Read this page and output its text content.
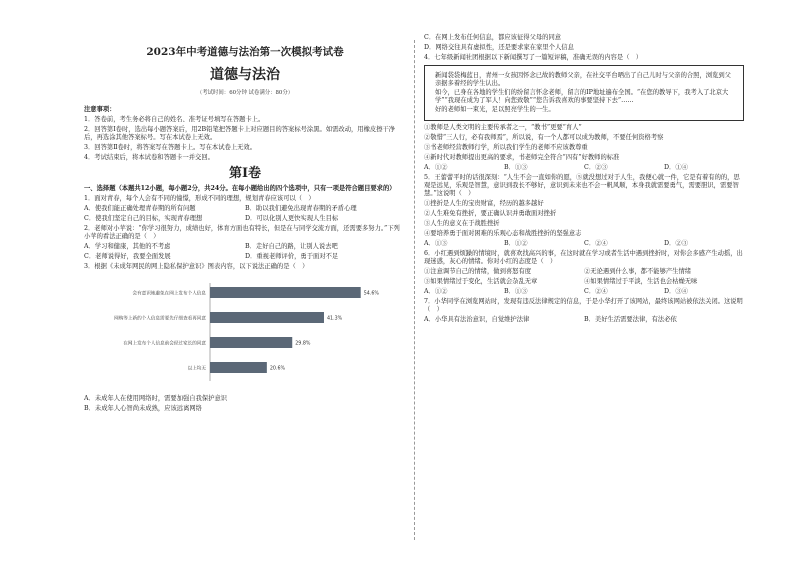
2023年中考道德与法治第一次模拟考试卷
道德与法治
（考试时间：60分钟 试卷满分：80分）
注意事项：
1．答卷前，考生务必将自己的姓名、准考证号填写在答题卡上。
2．回答第Ⅰ卷时，选出每小题答案后，用2B铅笔把答题卡上对应题目的答案标号涂黑。如需改动，用橡皮擦干净后，再选涂其他答案标号。写在本试卷上无效。
3．回答第Ⅱ卷时，将答案写在答题卡上。写在本试卷上无效。
4．考试结束后，将本试卷和答题卡一并交回。
第Ⅰ卷
一、选择题（本题共12小题，每小题2分，共24分。在每小题给出的四个选项中，只有一项是符合题目要求的）
1．面对青春，每个人会有不同的憧憬，形成不同的理想，规划青春应该可以（　）
A．使我们能正确处理青春期的所有问题	B．助以我们避免出现青春期的矛盾心理
C．使我们坚定自己的目标，实现青春理想	D．可以化别人更快实现人生目标
2．老师对小苹说：“你学习很努力，成绩也好，体育方面也有特长，但是在与同学交流方面，还需要多努力。”下列小苹的看法正确的是（　）
A．学习和健康，其他的不考虑	B．走好自己的路，让别人说去吧
C．老师说得好，我要全面发展	D．重视老师评价，勇于面对不足
3．根据《未成年网民的网上隐私保护意识》图表内容，以下说法正确的是（　）
会有意识地避免在网上发布个人信息	54.6%
网购等上新的个人信息需要先仔细查看再同意	41.3%
在网上发布个人信息前会经过家长的同意	29.8%
以上均无	20.6%
A．未成年人在使用网络时，需要加强自我保护意识
B．未成年人心智尚未成熟，应该远离网络
C．在网上发布任何信息，都应该征得父母的同意
D．网络交往具有虚拟性，还是要求家在家里个人信息
4．七年级新闻社团根据以下新闻撰写了一篇短评稿，准确无误的内容是（　）
新闻袋袋梅蓝日，青州一女孩因怀念已故的教师父亲，在社交平台晒出了自己儿时与父亲的合照，浏览到父亲据多着经的学生认出。
如今，已身在各地的学生们的纷留言怀念老师，留言的IP地址遍布全国。“在您的教导下，我考入了北京大学”“我现在成为了军人！向您致敬”“您告诉我喜欢的事要坚持下去”……
好的老师如一束光，足以照亮学生的一生。
①教师是人类文明的主要传承者之一，“教书”更要“育人”
②敬惜“三人行，必有我师焉”，所以说，有一个人都可以成为教师，不要任何资格考察
③书老师经营教师行学，所以我们学生的老师不应该教尊重
④新时代对教师提出更高的要求，书老师完全符合“四有”好教师的标准
A．①②	B．①③	C．②③	D．①④
5．王蕾蕾平时的话很深刻：“人生不会一直如你的愿，⑤就没想过对于人生，我便心就一件，它是有着有的的，思观是远见，乐观是智慧，意识到我长不够好，意识到未来也不会一帆风顺，本身我就需要勇气，需要胆识，需要智慧。”这说明（　）
①挫折是人生的宝贵财富，经历的越多越好
②人生难免有挫折，要正确认识并勇敢面对挫折
③人生的意义在于战胜挫折
④要培养勇于面对困难的乐观心态和战胜挫折的坚强意志
A．①③	B．①②	C．②④	D．②③
6．小红遇到烦躁的情境时，就喜欢找高兴的事，在这时就在学习或者生活中遇到挫折时，对你会多感产生动摇，出现迷惑，灰心的情绪。你对小红的态度是（　）
①注意调节自己的情绪，做到喜怒有度	②无论遇到什么事，都不能够产生情绪
③如果情绪过于变化，生活就会杂乱无章	④如果情绪过于平淡，生活也会枯燥无味
A．①②	B．①③	C．②④	D．③④
7．小华同学在浏览网站时，发现有违反法律规定的信息，于是小华打开了该网站，最终该网站被依法关闭。这说明（　）
A．小华具有法治意识，自觉维护法律	B．美好生活需要法律，有法必依
